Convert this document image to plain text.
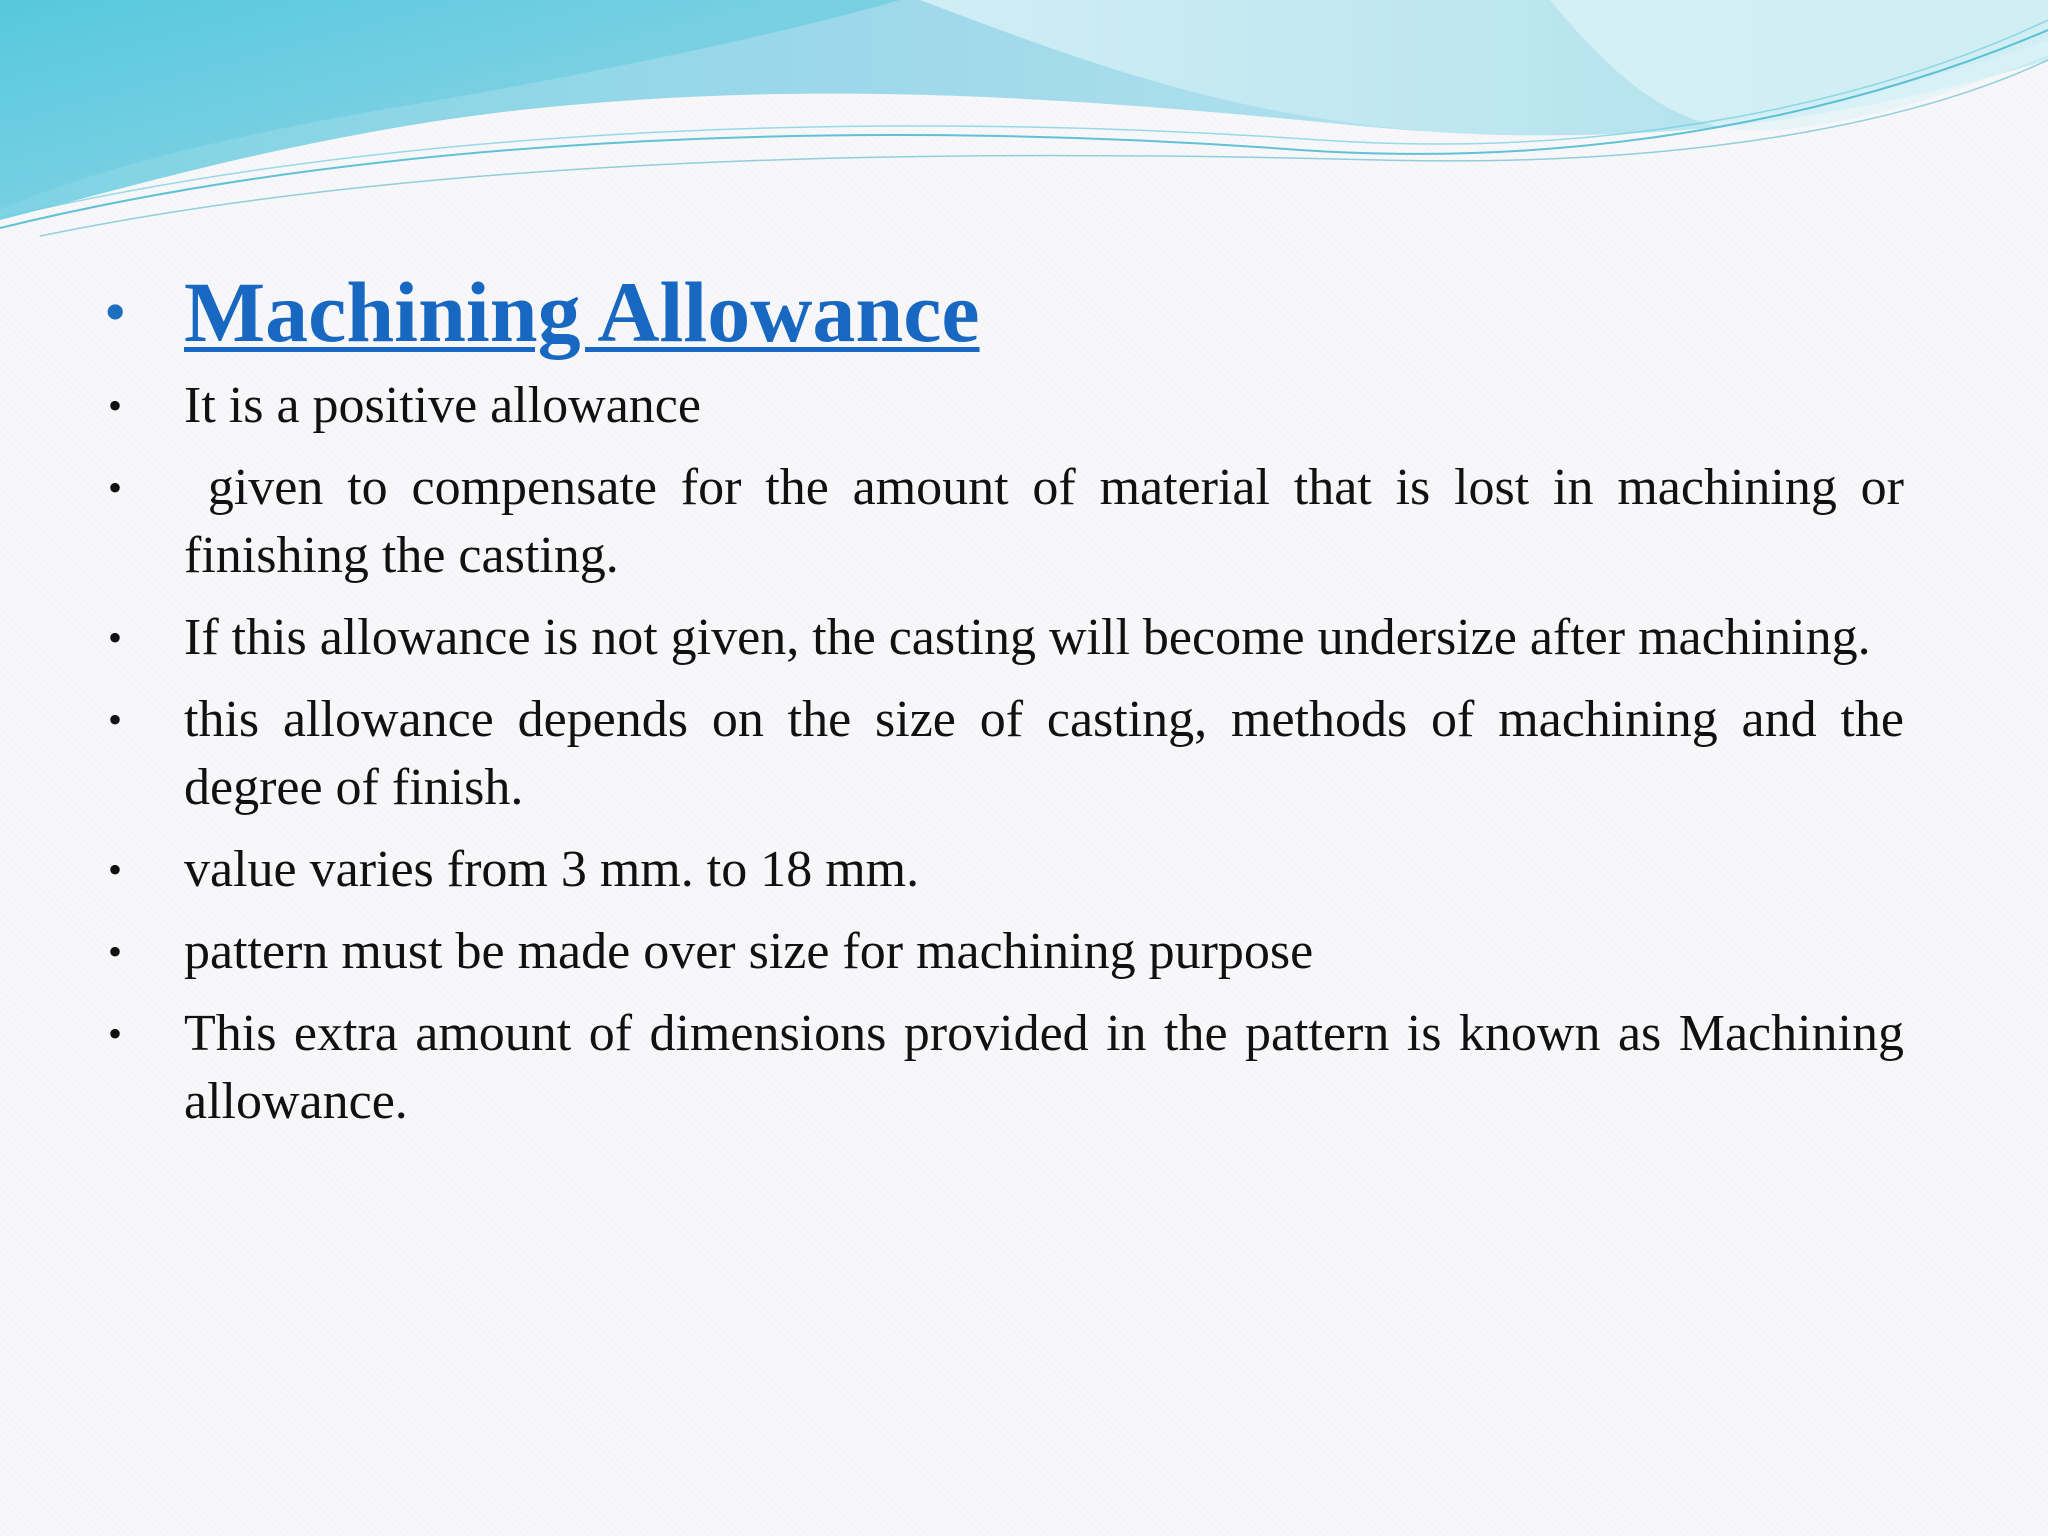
• Machining Allowance
•	It is a positive allowance
•	given to compensate for the amount of material that is lost in machining or finishing the casting.
•	If this allowance is not given, the casting will become undersize after machining.
•	this allowance depends on the size of casting, methods of machining and the degree of finish.
•	value varies from 3 mm. to 18 mm.
•	pattern must be made over size for machining purpose
•	This extra amount of dimensions provided in the pattern is known as Machining allowance.
